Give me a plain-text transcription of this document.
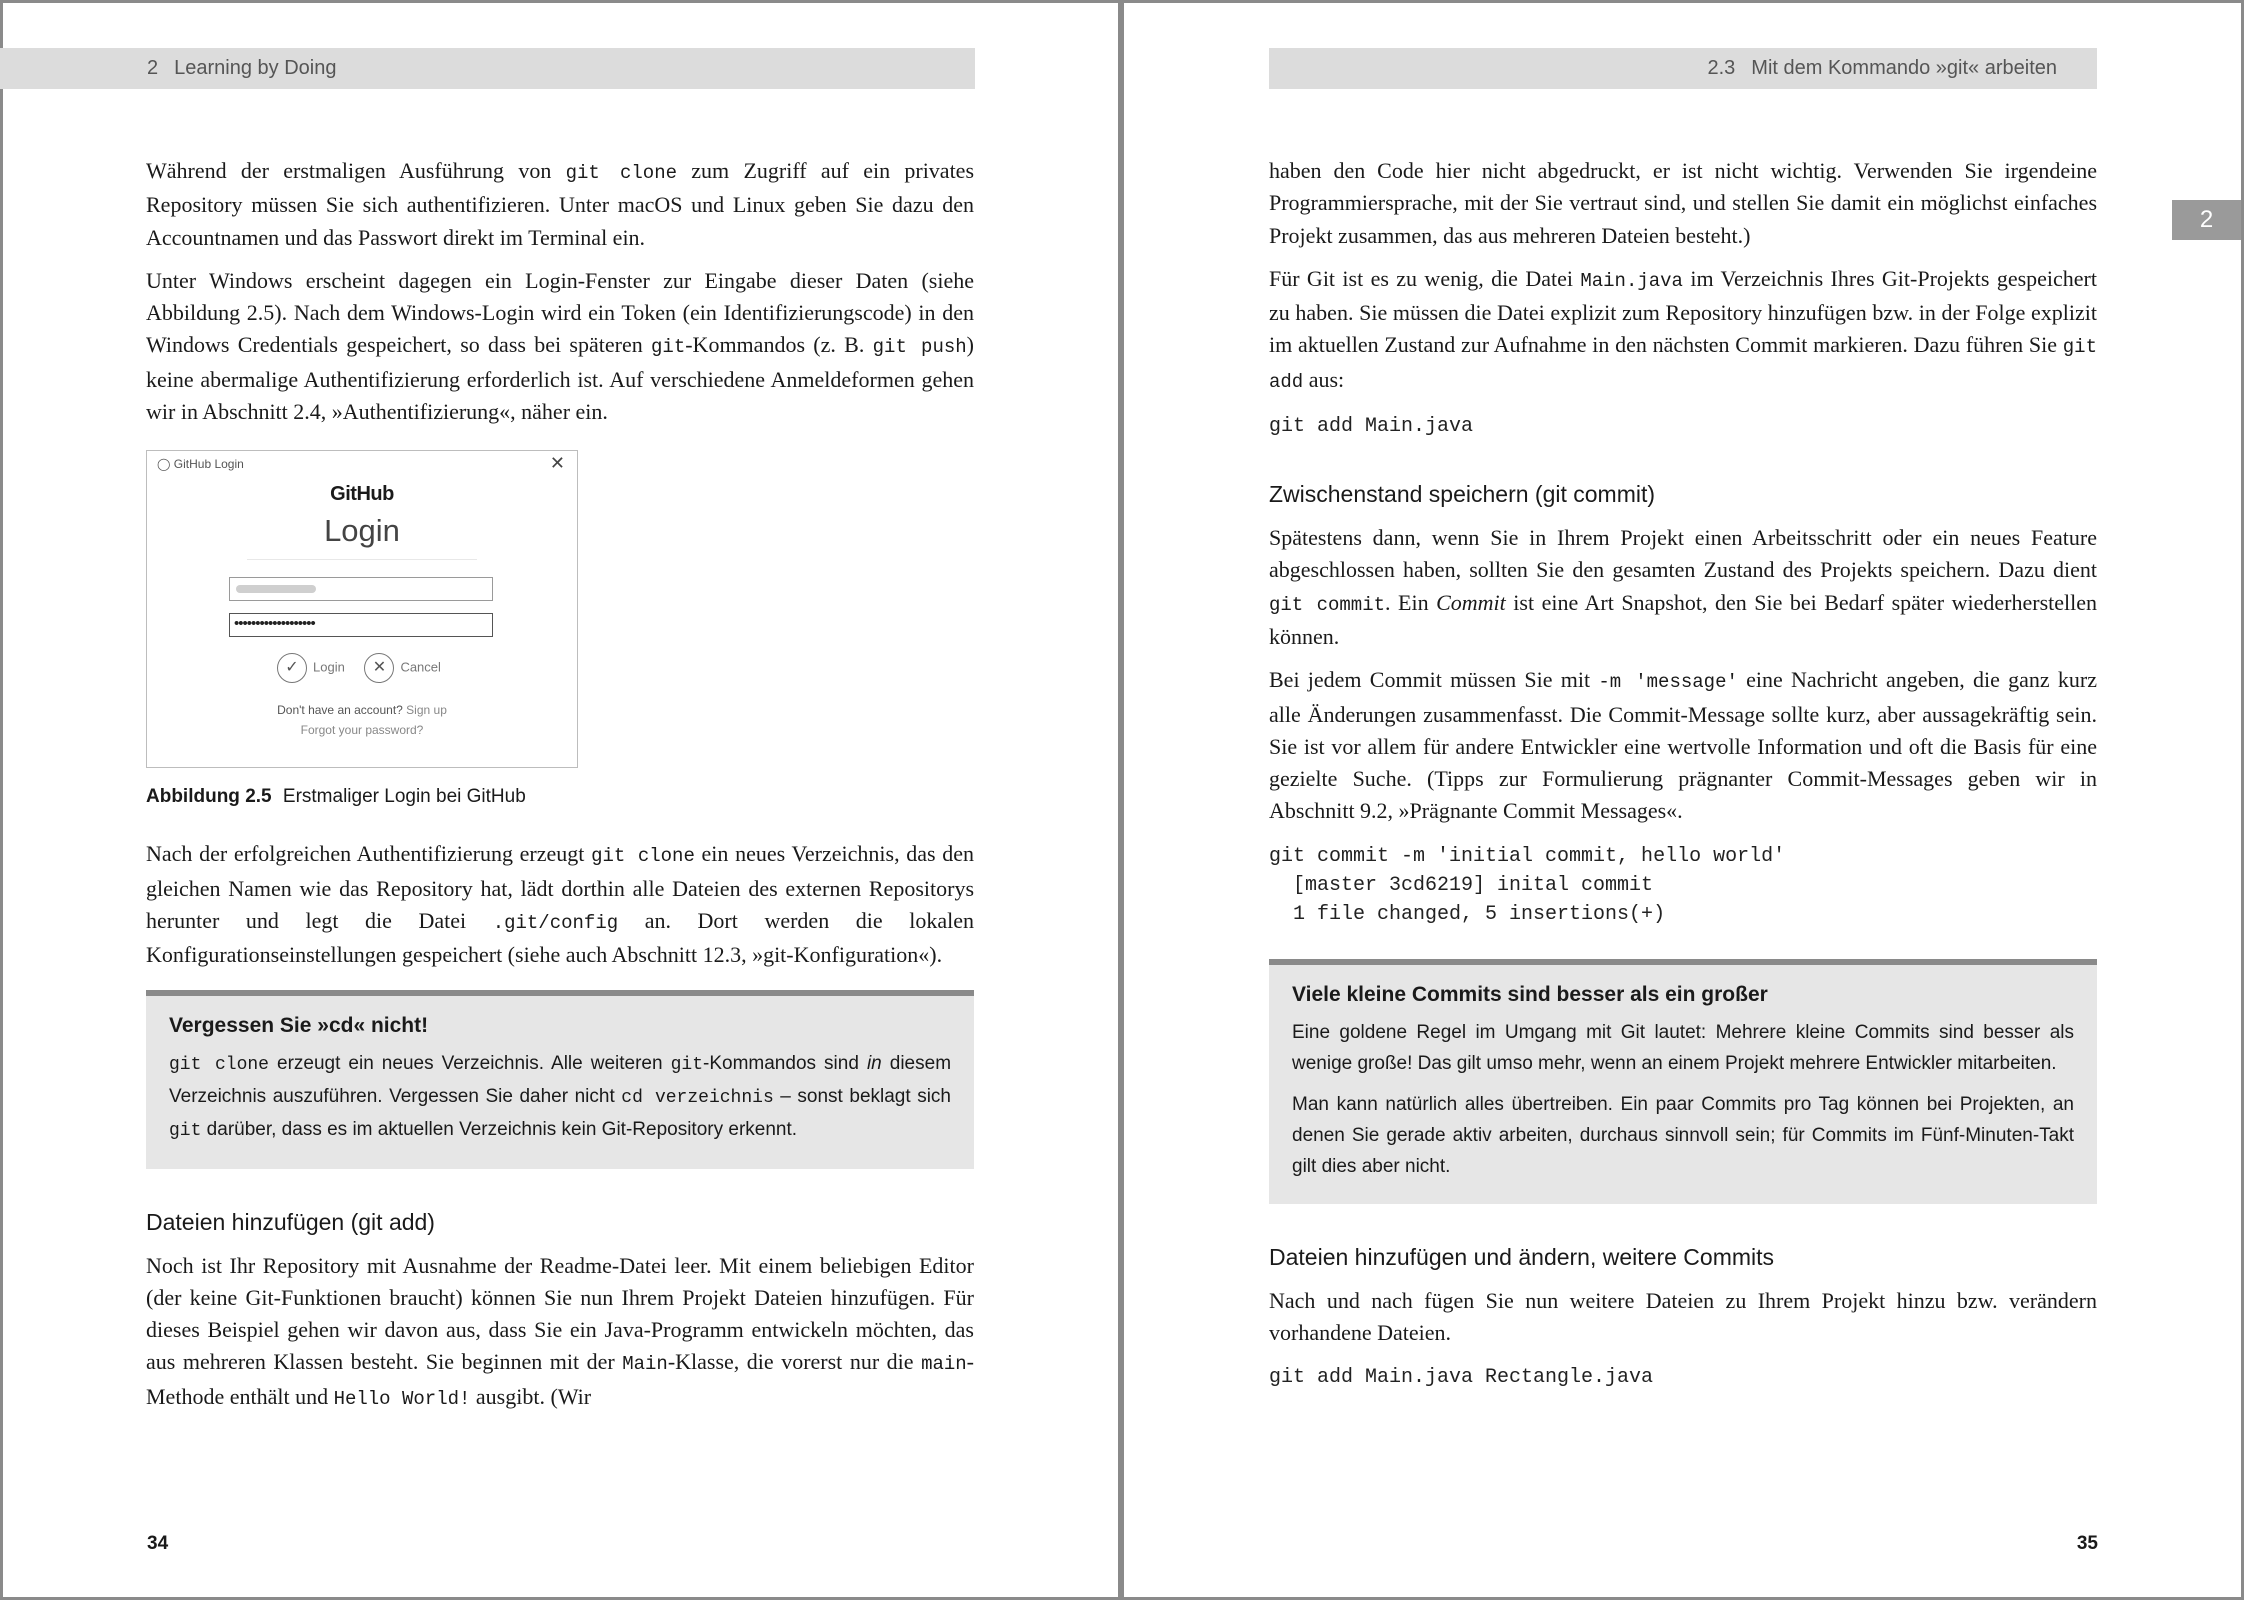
2 Learning by Doing

Während der erstmaligen Ausführung von git clone zum Zugriff auf ein privates Repository müssen Sie sich authentifizieren. Unter macOS und Linux geben Sie dazu den Accountnamen und das Passwort direkt im Terminal ein.

Unter Windows erscheint dagegen ein Login-Fenster zur Eingabe dieser Daten (siehe Abbildung 2.5). Nach dem Windows-Login wird ein Token (ein Identifizierungscode) in den Windows Credentials gespeichert, so dass bei späteren git-Kommandos (z. B. git push) keine abermalige Authentifizierung erforderlich ist. Auf verschiedene Anmeldeformen gehen wir in Abschnitt 2.4, »Authentifizierung«, näher ein.

◯ GitHub Login	✕
GitHub
Login
•••••••••••••••••••
✓ Login ✕ Cancel
Don't have an account? Sign up
Forgot your password?
Abbildung 2.5 Erstmaliger Login bei GitHub

Nach der erfolgreichen Authentifizierung erzeugt git clone ein neues Verzeichnis, das den gleichen Namen wie das Repository hat, lädt dorthin alle Dateien des externen Repositorys herunter und legt die Datei .git/config an. Dort werden die lokalen Konfigurationseinstellungen gespeichert (siehe auch Abschnitt 12.3, »git-Konfiguration«).

Vergessen Sie »cd« nicht!

git clone erzeugt ein neues Verzeichnis. Alle weiteren git-Kommandos sind in diesem Verzeichnis auszuführen. Vergessen Sie daher nicht cd verzeichnis – sonst beklagt sich git darüber, dass es im aktuellen Verzeichnis kein Git-Repository erkennt.

Dateien hinzufügen (git add)

Noch ist Ihr Repository mit Ausnahme der Readme-Datei leer. Mit einem beliebigen Editor (der keine Git-Funktionen braucht) können Sie nun Ihrem Projekt Dateien hinzufügen. Für dieses Beispiel gehen wir davon aus, dass Sie ein Java-Programm entwickeln möchten, das aus mehreren Klassen besteht. Sie beginnen mit der Main-Klasse, die vorerst nur die main-Methode enthält und Hello World! ausgibt. (Wir

34
2.3 Mit dem Kommando »git« arbeiten
2

haben den Code hier nicht abgedruckt, er ist nicht wichtig. Verwenden Sie irgendeine Programmiersprache, mit der Sie vertraut sind, und stellen Sie damit ein möglichst einfaches Projekt zusammen, das aus mehreren Dateien besteht.)

Für Git ist es zu wenig, die Datei Main.java im Verzeichnis Ihres Git-Projekts gespeichert zu haben. Sie müssen die Datei explizit zum Repository hinzufügen bzw. in der Folge explizit im aktuellen Zustand zur Aufnahme in den nächsten Commit markieren. Dazu führen Sie git add aus:

git add Main.java
Zwischenstand speichern (git commit)

Spätestens dann, wenn Sie in Ihrem Projekt einen Arbeitsschritt oder ein neues Feature abgeschlossen haben, sollten Sie den gesamten Zustand des Projekts speichern. Dazu dient git commit. Ein Commit ist eine Art Snapshot, den Sie bei Bedarf später wiederherstellen können.

Bei jedem Commit müssen Sie mit -m 'message' eine Nachricht angeben, die ganz kurz alle Änderungen zusammenfasst. Die Commit-Message sollte kurz, aber aussagekräftig sein. Sie ist vor allem für andere Entwickler eine wertvolle Information und oft die Basis für eine gezielte Suche. (Tipps zur Formulierung prägnanter Commit-Messages geben wir in Abschnitt 9.2, »Prägnante Commit Messages«.

git commit -m 'initial commit, hello world'
[master 3cd6219] inital commit
1 file changed, 5 insertions(+)
Viele kleine Commits sind besser als ein großer

Eine goldene Regel im Umgang mit Git lautet: Mehrere kleine Commits sind besser als wenige große! Das gilt umso mehr, wenn an einem Projekt mehrere Entwickler mitarbeiten.

Man kann natürlich alles übertreiben. Ein paar Commits pro Tag können bei Projekten, an denen Sie gerade aktiv arbeiten, durchaus sinnvoll sein; für Commits im Fünf-Minuten-Takt gilt dies aber nicht.

Dateien hinzufügen und ändern, weitere Commits

Nach und nach fügen Sie nun weitere Dateien zu Ihrem Projekt hinzu bzw. verändern vorhandene Dateien.

git add Main.java Rectangle.java
35
